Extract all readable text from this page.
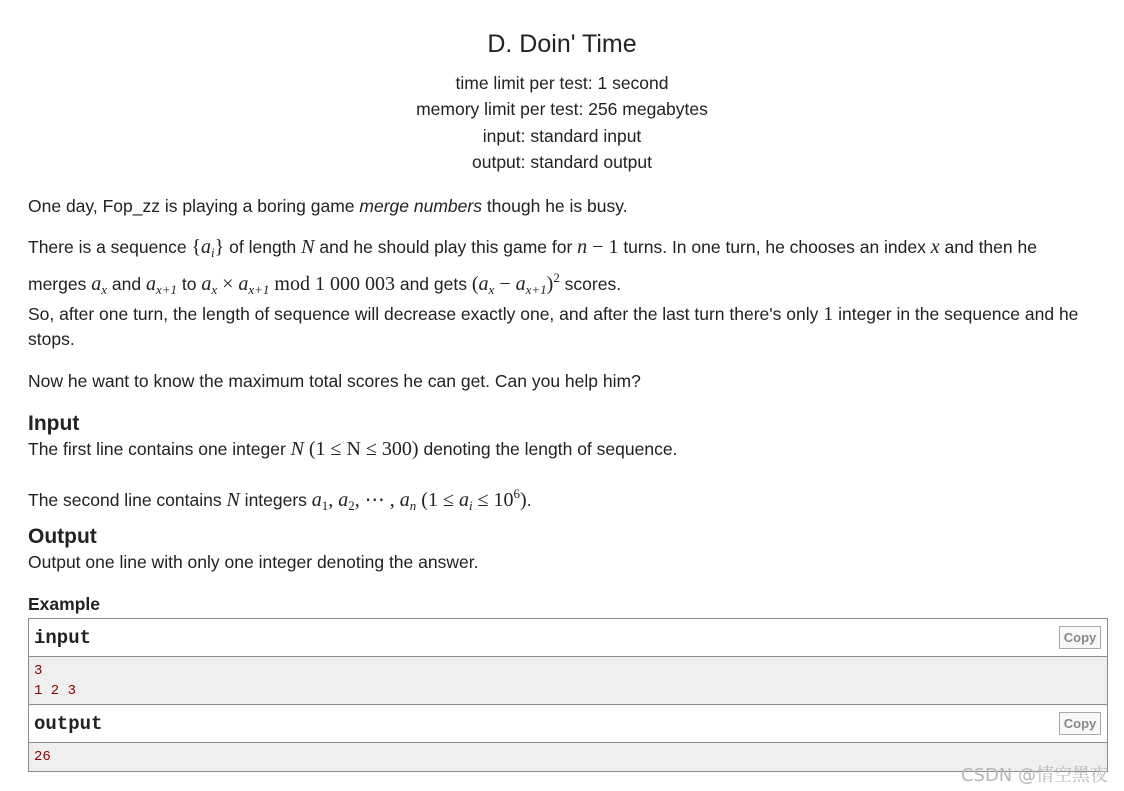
D. Doin' Time
time limit per test: 1 second
memory limit per test: 256 megabytes
input: standard input
output: standard output
One day, Fop_zz is playing a boring game merge numbers though he is busy.
There is a sequence $\{a_i\}$ of length N and he should play this game for n − 1 turns. In one turn, he chooses an index x and then he merges $a_x$ and $a_{x+1}$ to $a_x \times a_{x+1}$ mod 1 000 003 and gets $(a_x - a_{x+1})^2$ scores.
So, after one turn, the length of sequence will decrease exactly one, and after the last turn there's only 1 integer in the sequence and he stops.
Now he want to know the maximum total scores he can get. Can you help him?
Input
The first line contains one integer N (1 ≤ N ≤ 300) denoting the length of sequence.
The second line contains N integers $a_1$, $a_2$, ⋯ , $a_n$ $(1 \le a_i \le 10^6)$.
Output
Output one line with only one integer denoting the answer.
Example
input	Copy
3
1 2 3
output	Copy
26
CSDN @情空黑夜
